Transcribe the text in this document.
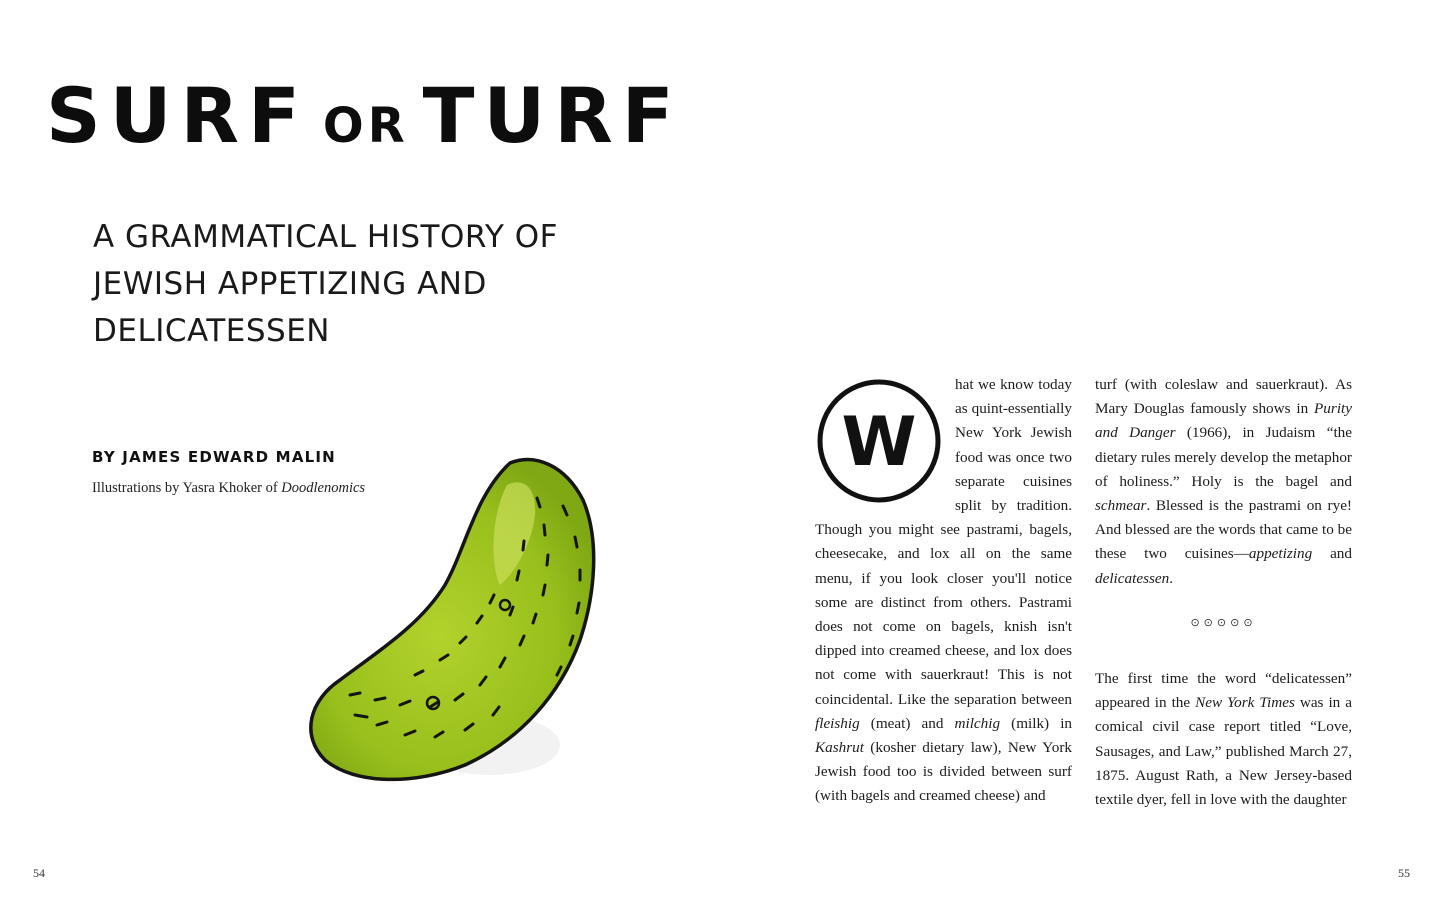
SURF OR TURF
A GRAMMATICAL HISTORY OF
JEWISH APPETIZING AND
DELICATESSEN
BY JAMES EDWARD MALIN
Illustrations by Yasra Khoker of Doodlenomics
W

hat we know today as quint-essentially New York Jewish food was once two separate cuisines split by tradition. Though you might see pastrami, bagels, cheesecake, and lox all on the same menu, if you look closer you'll notice some are distinct from others. Pastrami does not come on bagels, knish isn't dipped into creamed cheese, and lox does not come with sauerkraut! This is not coincidental. Like the separation between fleishig (meat) and milchig (milk) in Kashrut (kosher dietary law), New York Jewish food too is divided between surf (with bagels and creamed cheese) and

turf (with coleslaw and sauerkraut). As Mary Douglas famously shows in Purity and Danger (1966), in Judaism “the dietary rules merely develop the metaphor of holiness.” Holy is the bagel and schmear. Blessed is the pastrami on rye! And blessed are the words that came to be these two cuisines—appetizing and delicatessen.

⊙⊙⊙⊙⊙

The first time the word “delicatessen” appeared in the New York Times was in a comical civil case report titled “Love, Sausages, and Law,” published March 27, 1875. August Rath, a New Jersey-based textile dyer, fell in love with the daughter

54	55
